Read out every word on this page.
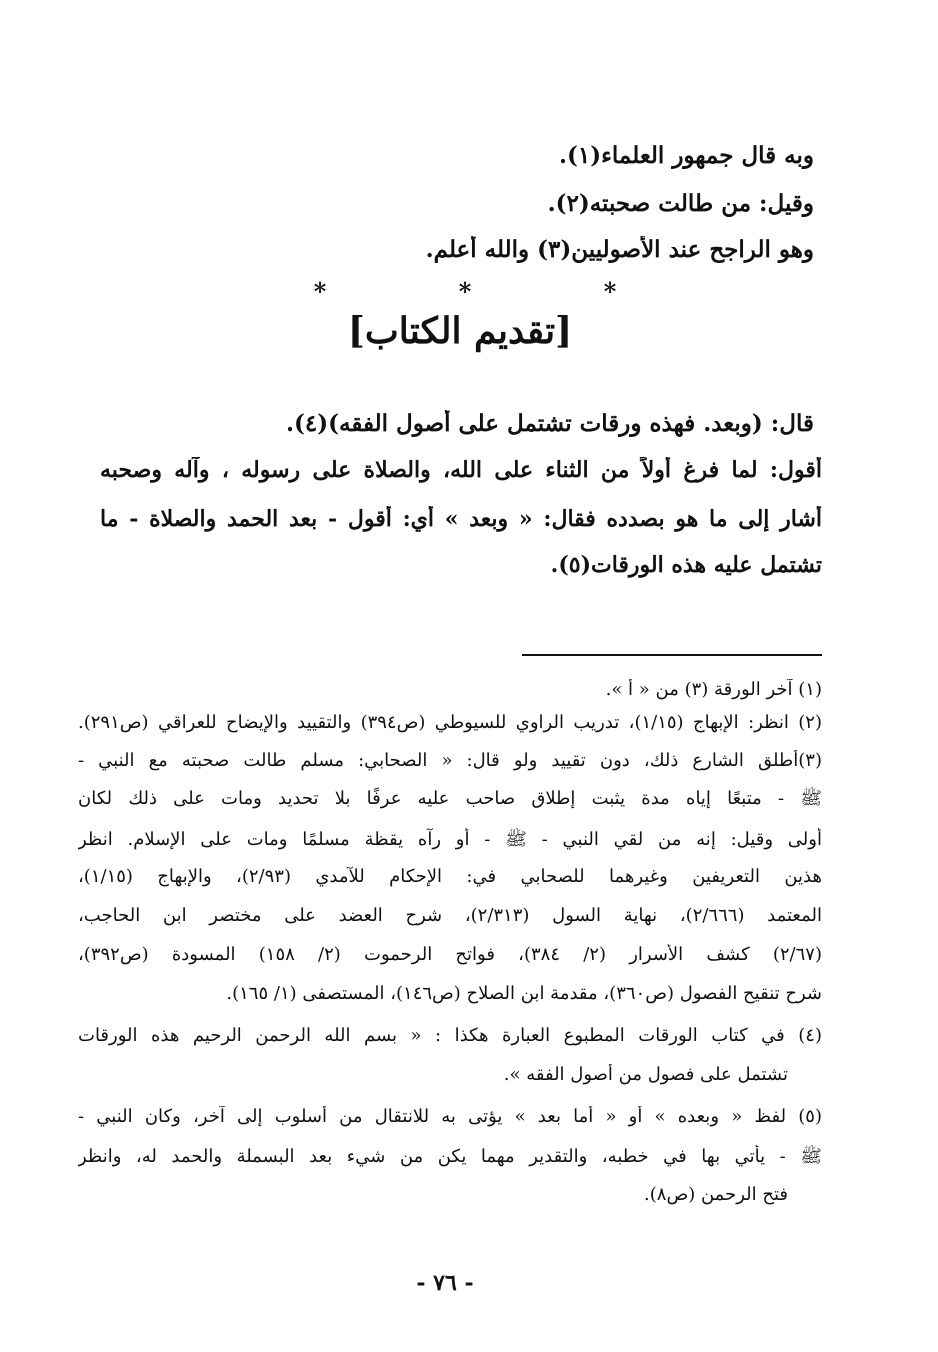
وبه قال جمهور العلماء(١).
وقيل: من طالت صحبته(٢).
وهو الراجح عند الأصوليين(٣) والله أعلم.
*	*	*
[تقديم الكتاب]
قال: (وبعد. فهذه ورقات تشتمل على أصول الفقه)(٤).
أقول: لما فرغ أولاً من الثناء على الله، والصلاة على رسوله ، وآله وصحبه
أشار إلى ما هو بصدده فقال: « وبعد » أي: أقول - بعد الحمد والصلاة - ما
تشتمل عليه هذه الورقات(٥).
(١) آخر الورقة (٣) من « أ ».
(٢) انظر: الإبهاج (١/١٥)، تدريب الراوي للسيوطي (ص٣٩٤) والتقييد والإيضاح للعراقي (ص٢٩١).
(٣)أطلق الشارع ذلك، دون تقييد ولو قال: « الصحابي: مسلم طالت صحبته مع النبي -
ﷺ - متبعًا إياه مدة يثبت إطلاق صاحب عليه عرفًا بلا تحديد ومات على ذلك لكان
أولى وقيل: إنه من لقي النبي - ﷺ - أو رآه يقظة مسلمًا ومات على الإسلام. انظر
هذين التعريفين وغيرهما للصحابي في: الإحكام للآمدي (٢/٩٣)، والإبهاج (١/١٥)،
المعتمد (٢/٦٦٦)، نهاية السول (٢/٣١٣)، شرح العضد على مختصر ابن الحاجب،
(٢/٦٧) كشف الأسرار (٢/ ٣٨٤)، فواتح الرحموت (٢/ ١٥٨) المسودة (ص٣٩٢)،
شرح تنقيح الفصول (ص٣٦٠)، مقدمة ابن الصلاح (ص١٤٦)، المستصفى (١/ ١٦٥).
(٤) في كتاب الورقات المطبوع العبارة هكذا : « بسم الله الرحمن الرحيم هذه الورقات
تشتمل على فصول من أصول الفقه ».
(٥) لفظ « وبعده » أو « أما بعد » يؤتى به للانتقال من أسلوب إلى آخر، وكان النبي -
ﷺ - يأتي بها في خطبه، والتقدير مهما يكن من شيء بعد البسملة والحمد له، وانظر
فتح الرحمن (ص٨).
- ٧٦ -
